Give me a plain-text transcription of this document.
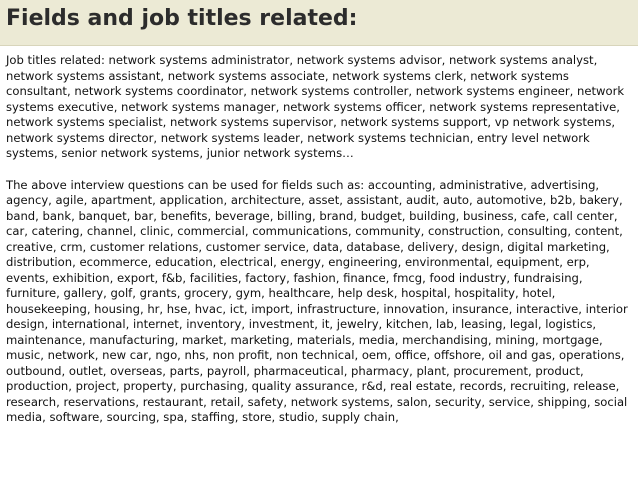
Fields and job titles related:

Job titles related: network systems administrator, network systems advisor, network systems analyst, network systems assistant, network systems associate, network systems clerk, network systems consultant, network systems coordinator, network systems controller, network systems engineer, network systems executive, network systems manager, network systems officer, network systems representative, network systems specialist, network systems supervisor, network systems support, vp network systems, network systems director, network systems leader, network systems technician, entry level network systems, senior network systems, junior network systems…

The above interview questions can be used for fields such as: accounting, administrative, advertising, agency, agile, apartment, application, architecture, asset, assistant, audit, auto, automotive, b2b, bakery, band, bank, banquet, bar, benefits, beverage, billing, brand, budget, building, business, cafe, call center, car, catering, channel, clinic, commercial, communications, community, construction, consulting, content, creative, crm, customer relations, customer service, data, database, delivery, design, digital marketing, distribution, ecommerce, education, electrical, energy, engineering, environmental, equipment, erp, events, exhibition, export, f&b, facilities, factory, fashion, finance, fmcg, food industry, fundraising, furniture, gallery, golf, grants, grocery, gym, healthcare, help desk, hospital, hospitality, hotel, housekeeping, housing, hr, hse, hvac, ict, import, infrastructure, innovation, insurance, interactive, interior design, international, internet, inventory, investment, it, jewelry, kitchen, lab, leasing, legal, logistics, maintenance, manufacturing, market, marketing, materials, media, merchandising, mining, mortgage, music, network, new car, ngo, nhs, non profit, non technical, oem, office, offshore, oil and gas, operations, outbound, outlet, overseas, parts, payroll, pharmaceutical, pharmacy, plant, procurement, product, production, project, property, purchasing, quality assurance, r&d, real estate, records, recruiting, release, research, reservations, restaurant, retail, safety, network systems, salon, security, service, shipping, social media, software, sourcing, spa, staffing, store, studio, supply chain,
